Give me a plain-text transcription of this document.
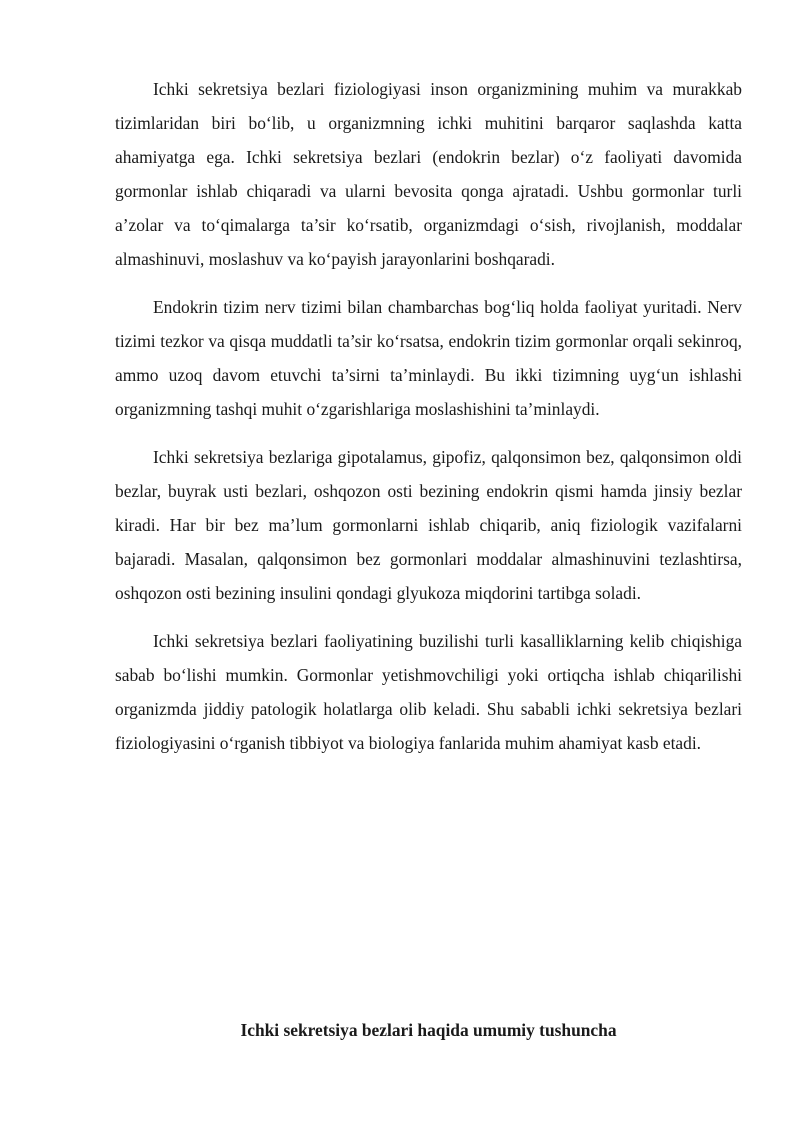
Ichki sekretsiya bezlari fiziologiyasi inson organizmining muhim va murakkab tizimlaridan biri bo‘lib, u organizmning ichki muhitini barqaror saqlashda katta ahamiyatga ega. Ichki sekretsiya bezlari (endokrin bezlar) o‘z faoliyati davomida gormonlar ishlab chiqaradi va ularni bevosita qonga ajratadi. Ushbu gormonlar turli a’zolar va to‘qimalarga ta’sir ko‘rsatib, organizmdagi o‘sish, rivojlanish, moddalar almashinuvi, moslashuv va ko‘payish jarayonlarini boshqaradi.

Endokrin tizim nerv tizimi bilan chambarchas bog‘liq holda faoliyat yuritadi. Nerv tizimi tezkor va qisqa muddatli ta’sir ko‘rsatsa, endokrin tizim gormonlar orqali sekinroq, ammo uzoq davom etuvchi ta’sirni ta’minlaydi. Bu ikki tizimning uyg‘un ishlashi organizmning tashqi muhit o‘zgarishlariga moslashishini ta’minlaydi.

Ichki sekretsiya bezlariga gipotalamus, gipofiz, qalqonsimon bez, qalqonsimon oldi bezlar, buyrak usti bezlari, oshqozon osti bezining endokrin qismi hamda jinsiy bezlar kiradi. Har bir bez ma’lum gormonlarni ishlab chiqarib, aniq fiziologik vazifalarni bajaradi. Masalan, qalqonsimon bez gormonlari moddalar almashinuvini tezlashtirsa, oshqozon osti bezining insulini qondagi glyukoza miqdorini tartibga soladi.

Ichki sekretsiya bezlari faoliyatining buzilishi turli kasalliklarning kelib chiqishiga sabab bo‘lishi mumkin. Gormonlar yetishmovchiligi yoki ortiqcha ishlab chiqarilishi organizmda jiddiy patologik holatlarga olib keladi. Shu sababli ichki sekretsiya bezlari fiziologiyasini o‘rganish tibbiyot va biologiya fanlarida muhim ahamiyat kasb etadi.

Ichki sekretsiya bezlari haqida umumiy tushuncha
